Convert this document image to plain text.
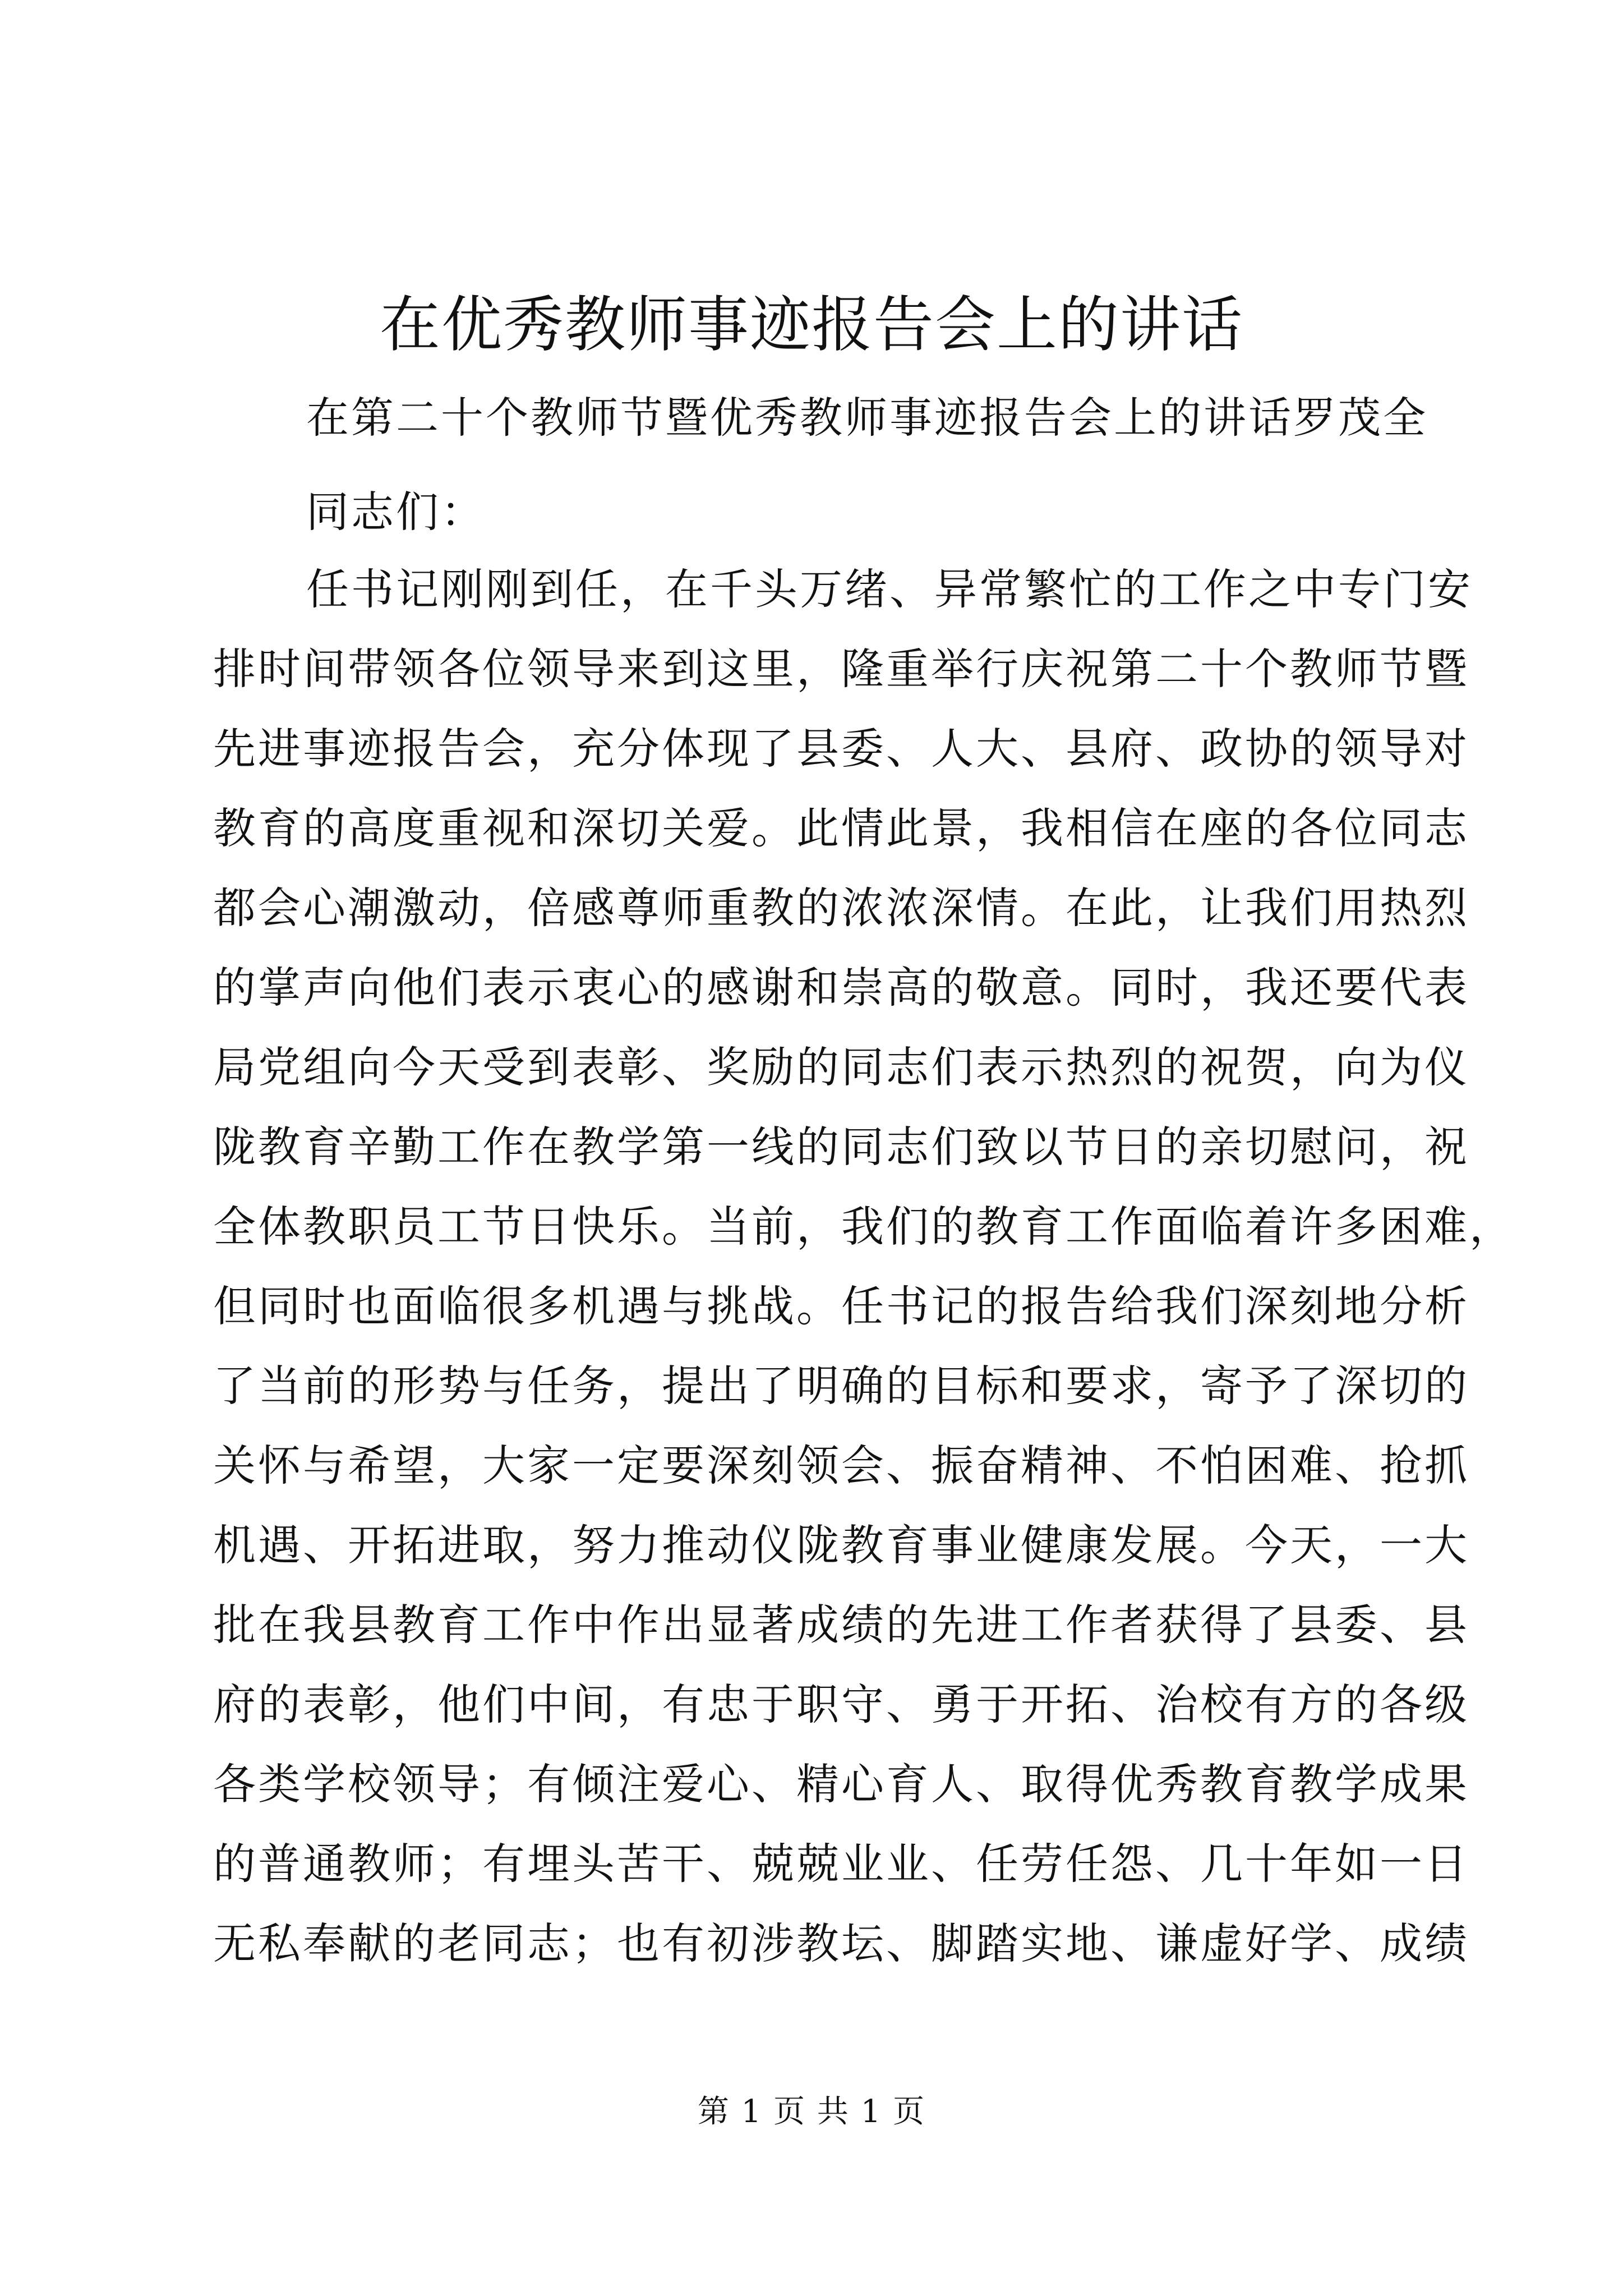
在优秀教师事迹报告会上的讲话
在第二十个教师节暨优秀教师事迹报告会上的讲话罗茂全
同志们：
任书记刚刚到任，在千头万绪、异常繁忙的工作之中专门安
排时间带领各位领导来到这里，隆重举行庆祝第二十个教师节暨
先进事迹报告会，充分体现了县委、人大、县府、政协的领导对
教育的高度重视和深切关爱。此情此景，我相信在座的各位同志
都会心潮激动，倍感尊师重教的浓浓深情。在此，让我们用热烈
的掌声向他们表示衷心的感谢和崇高的敬意。同时，我还要代表
局党组向今天受到表彰、奖励的同志们表示热烈的祝贺，向为仪
陇教育辛勤工作在教学第一线的同志们致以节日的亲切慰问，祝
全体教职员工节日快乐。当前，我们的教育工作面临着许多困难，
但同时也面临很多机遇与挑战。任书记的报告给我们深刻地分析
了当前的形势与任务，提出了明确的目标和要求，寄予了深切的
关怀与希望，大家一定要深刻领会、振奋精神、不怕困难、抢抓
机遇、开拓进取，努力推动仪陇教育事业健康发展。今天，一大
批在我县教育工作中作出显著成绩的先进工作者获得了县委、县
府的表彰，他们中间，有忠于职守、勇于开拓、治校有方的各级
各类学校领导；有倾注爱心、精心育人、取得优秀教育教学成果
的普通教师；有埋头苦干、兢兢业业、任劳任怨、几十年如一日
无私奉献的老同志；也有初涉教坛、脚踏实地、谦虚好学、成绩
第 1 页 共 1 页
